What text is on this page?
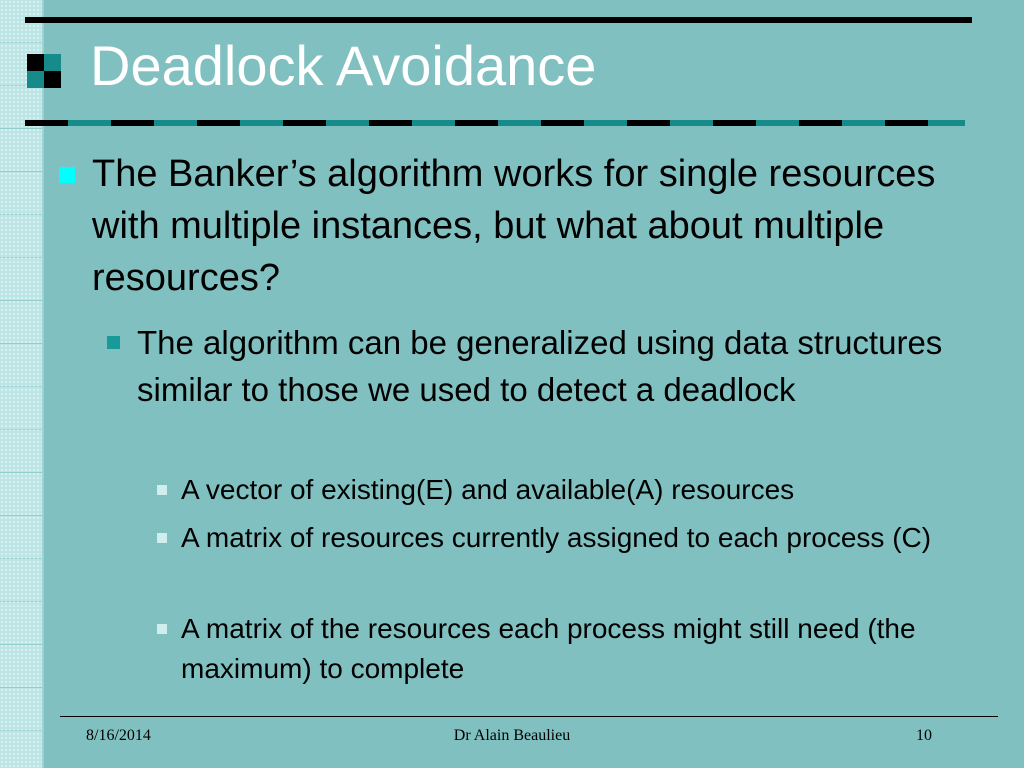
Deadlock Avoidance
The Banker’s algorithm works for single resources with multiple instances, but what about multiple resources?
The algorithm can be generalized using data structures similar to those we used to detect a deadlock
A vector of existing(E) and available(A) resources
A matrix of resources currently assigned to each process (C)
A matrix of the resources each process might still need (the maximum) to complete
8/16/2014	Dr Alain Beaulieu	10
